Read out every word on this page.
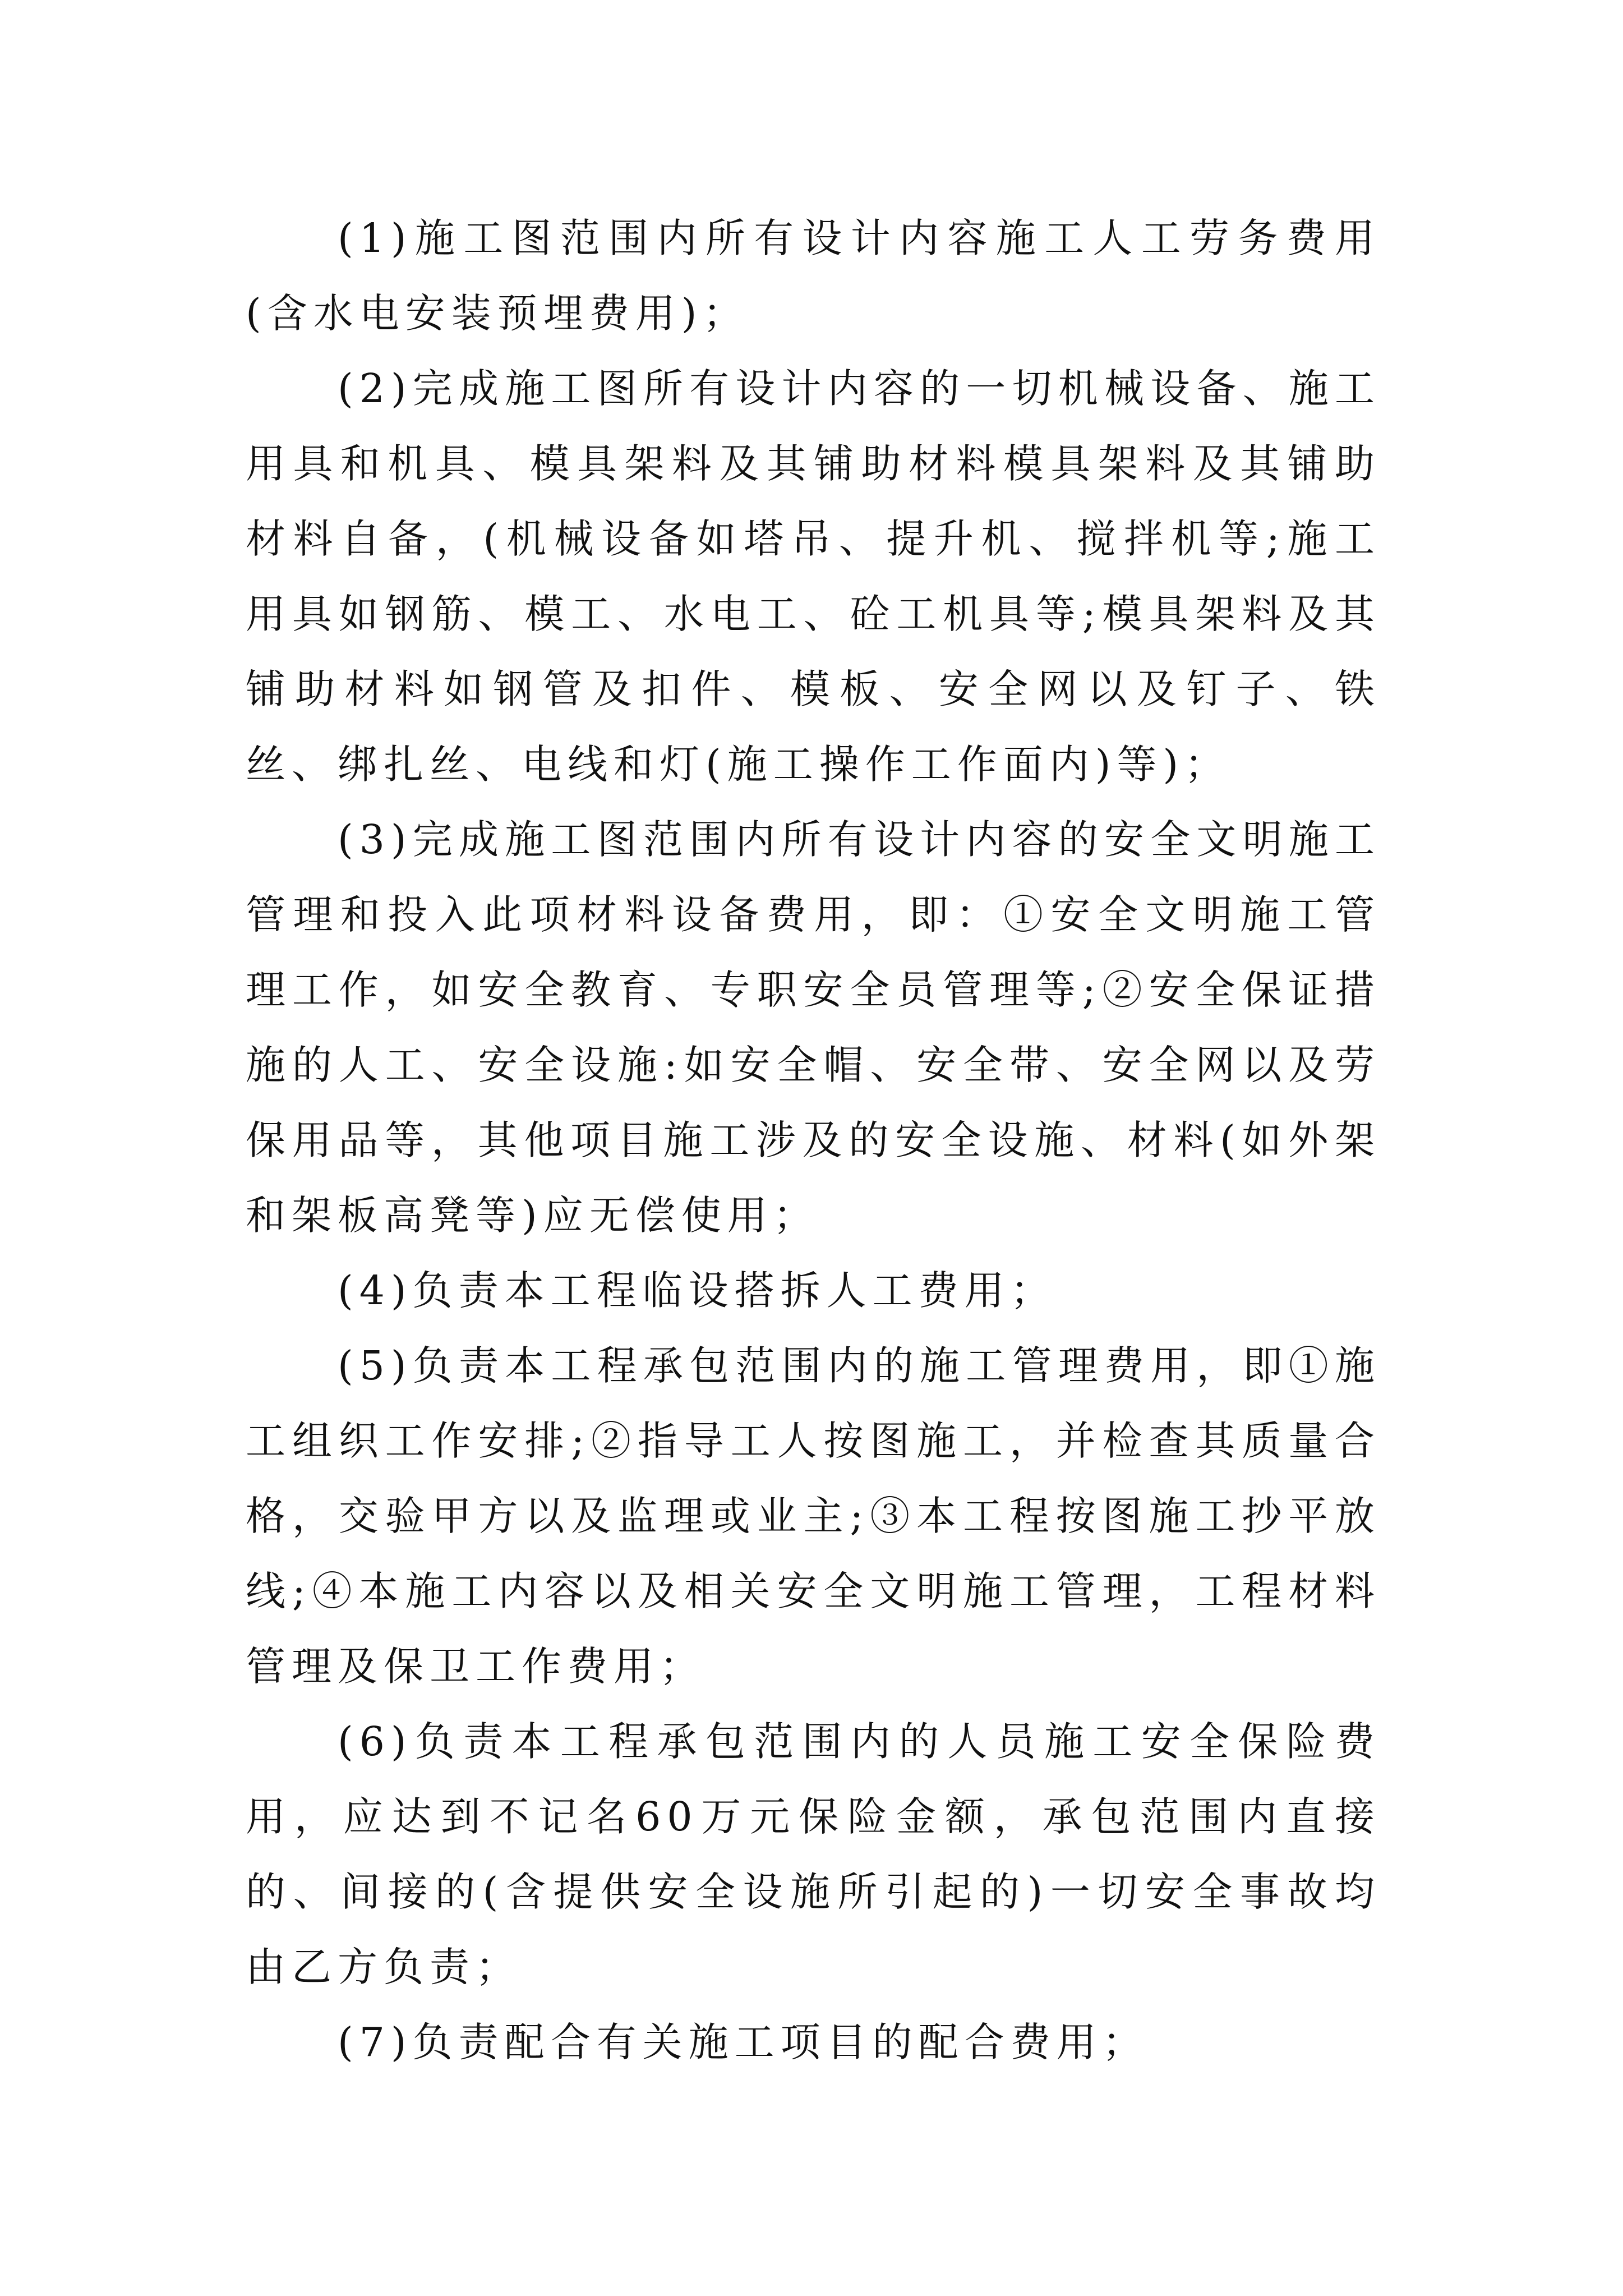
(1)施工图范围内所有设计内容施工人工劳务费用(含水电安装预埋费用)；

(2)完成施工图所有设计内容的一切机械设备、施工用具和机具、模具架料及其铺助材料模具架料及其铺助材料自备，(机械设备如塔吊、提升机、搅拌机等;施工用具如钢筋、模工、水电工、砼工机具等;模具架料及其铺助材料如钢管及扣件、模板、安全网以及钉子、铁丝、绑扎丝、电线和灯(施工操作工作面内)等)；

(3)完成施工图范围内所有设计内容的安全文明施工管理和投入此项材料设备费用，即：①安全文明施工管理工作，如安全教育、专职安全员管理等;②安全保证措施的人工、安全设施:如安全帽、安全带、安全网以及劳保用品等，其他项目施工涉及的安全设施、材料(如外架和架板高凳等)应无偿使用；

(4)负责本工程临设搭拆人工费用；

(5)负责本工程承包范围内的施工管理费用，即①施工组织工作安排;②指导工人按图施工，并检查其质量合格，交验甲方以及监理或业主;③本工程按图施工抄平放线;④本施工内容以及相关安全文明施工管理，工程材料管理及保卫工作费用；

(6)负责本工程承包范围内的人员施工安全保险费用，应达到不记名60万元保险金额，承包范围内直接的、间接的(含提供安全设施所引起的)一切安全事故均由乙方负责；

(7)负责配合有关施工项目的配合费用；
